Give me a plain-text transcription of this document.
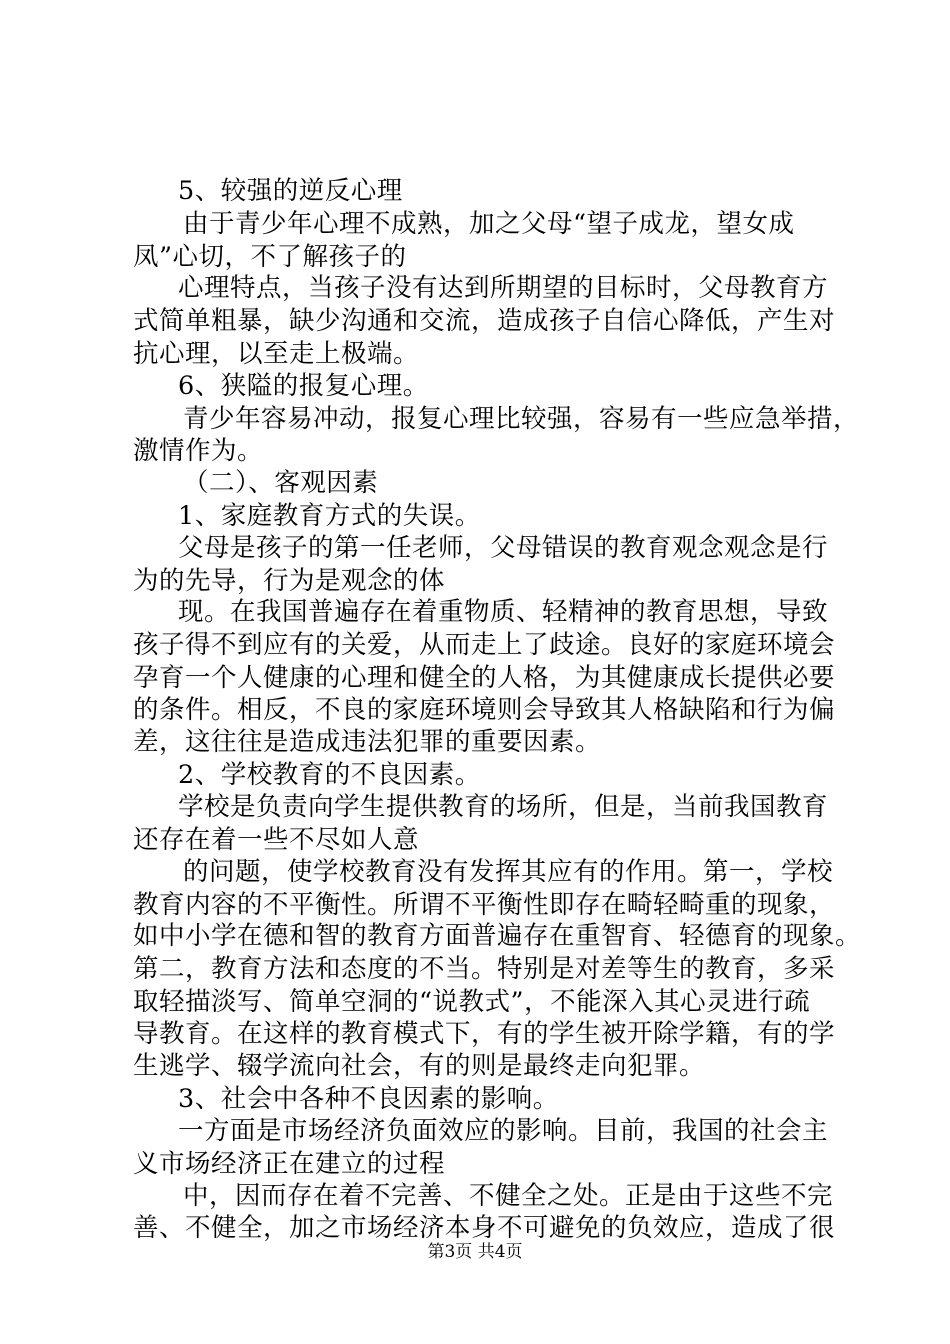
5、较强的逆反心理
由于青少年心理不成熟，加之父母“望子成龙，望女成
凤”心切，不了解孩子的
心理特点，当孩子没有达到所期望的目标时，父母教育方
式简单粗暴，缺少沟通和交流，造成孩子自信心降低，产生对
抗心理，以至走上极端。
6、狭隘的报复心理。
青少年容易冲动，报复心理比较强，容易有一些应急举措，
激情作为。
（二）、客观因素
1、家庭教育方式的失误。
父母是孩子的第一任老师，父母错误的教育观念观念是行
为的先导，行为是观念的体
现。在我国普遍存在着重物质、轻精神的教育思想，导致
孩子得不到应有的关爱，从而走上了歧途。良好的家庭环境会
孕育一个人健康的心理和健全的人格，为其健康成长提供必要
的条件。相反，不良的家庭环境则会导致其人格缺陷和行为偏
差，这往往是造成违法犯罪的重要因素。
2、学校教育的不良因素。
学校是负责向学生提供教育的场所，但是，当前我国教育
还存在着一些不尽如人意
的问题，使学校教育没有发挥其应有的作用。第一，学校
教育内容的不平衡性。所谓不平衡性即存在畸轻畸重的现象，
如中小学在德和智的教育方面普遍存在重智育、轻德育的现象。
第二，教育方法和态度的不当。特别是对差等生的教育，多采
取轻描淡写、简单空洞的“说教式”，不能深入其心灵进行疏
导教育。在这样的教育模式下，有的学生被开除学籍，有的学
生逃学、辍学流向社会，有的则是最终走向犯罪。
3、社会中各种不良因素的影响。
一方面是市场经济负面效应的影响。目前，我国的社会主
义市场经济正在建立的过程
中，因而存在着不完善、不健全之处。正是由于这些不完
善、不健全，加之市场经济本身不可避免的负效应，造成了很
第3页 共4页
